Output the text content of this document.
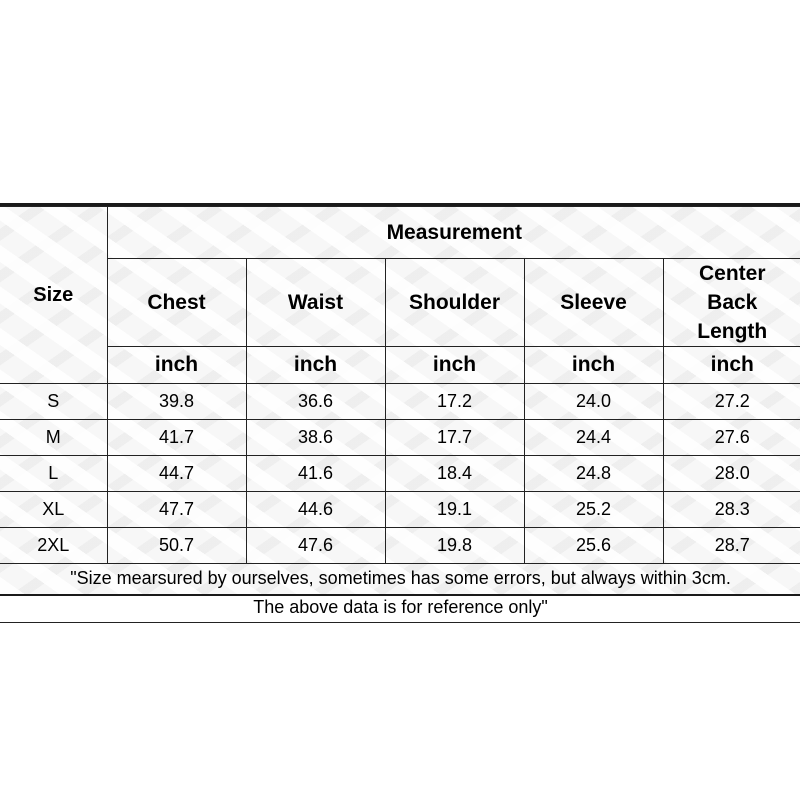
Size	Measurement				
	Chest	Waist	Shoulder	Sleeve	Center Back Length
	inch	inch	inch	inch	inch
S	39.8	36.6	17.2	24.0	27.2
M	41.7	38.6	17.7	24.4	27.6
L	44.7	41.6	18.4	24.8	28.0
XL	47.7	44.6	19.1	25.2	28.3
2XL	50.7	47.6	19.8	25.6	28.7

"Size mearsured by ourselves, sometimes has some errors, but always within 3cm.
The above data is for reference only"					
